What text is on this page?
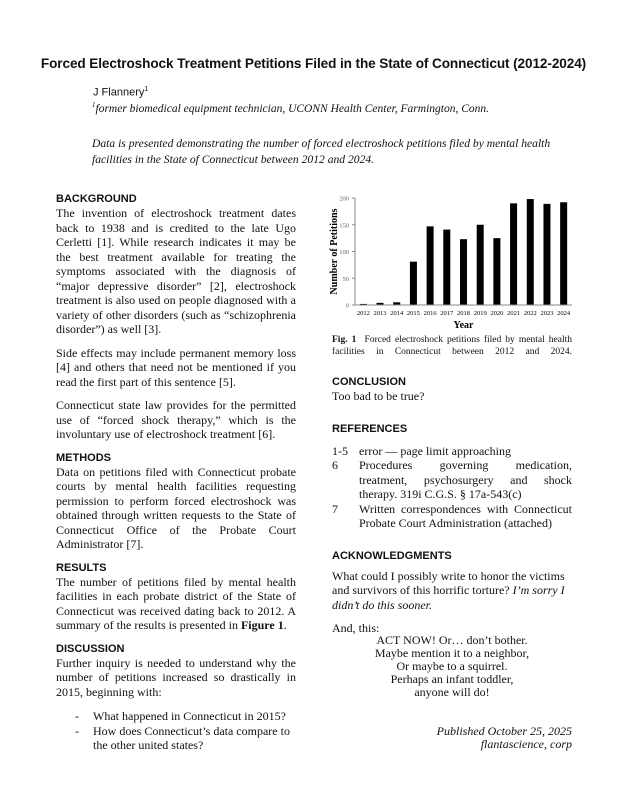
Forced Electroshock Treatment Petitions Filed in the State of Connecticut (2012-2024)
J Flannery$^1$
$^1$former biomedical equipment technician, UCONN Health Center, Farmington, Conn.
Data is presented demonstrating the number of forced electroshock petitions filed by mental health facilities in the State of Connecticut between 2012 and 2024.
BACKGROUND

The invention of electroshock treatment dates back to 1938 and is credited to the late Ugo Cerletti [1]. While research indicates it may be the best treatment available for treating the symptoms associated with the diagnosis of “major depressive disorder” [2], electroshock treatment is also used on people diagnosed with a variety of other disorders (such as “schizophrenia disorder”) as well [3].

Side effects may include permanent memory loss [4] and others that need not be mentioned if you read the first part of this sentence [5].

Connecticut state law provides for the permitted use of “forced shock therapy,” which is the involuntary use of electroshock treatment [6].

METHODS

Data on petitions filed with Connecticut probate courts by mental health facilities requesting permission to perform forced electroshock was obtained through written requests to the State of Connecticut Office of the Probate Court Administrator [7].

RESULTS

The number of petitions filed by mental health facilities in each probate district of the State of Connecticut was received dating back to 2012. A summary of the results is presented in Figure 1.

DISCUSSION

Further inquiry is needed to understand why the number of petitions increased so drastically in 2015, beginning with:

- What happened in Connecticut in 2015?
- How does Connecticut’s data compare to the other united states?
0
50
100
150
200
2012 2013 2014 2015 2016 2017 2018 2019 2020 2021 2022 2023 2024
Number of Petitions
Year
Fig. 1 Forced electroshock petitions filed by mental health facilities in Connecticut between 2012 and 2024.
CONCLUSION

Too bad to be true?

REFERENCES
1-5 error — page limit approaching
6	Procedures governing medication, treatment, psychosurgery and shock therapy. 319i C.G.S. § 17a-543(c)
7	Written correspondences with Connecticut Probate Court Administration (attached)
ACKNOWLEDGMENTS

What could I possibly write to honor the victims and survivors of this horrific torture? I’m sorry I didn’t do this sooner.

And, this:

ACT NOW! Or… don’t bother.
Maybe mention it to a neighbor,
Or maybe to a squirrel.
Perhaps an infant toddler,
anyone will do!
Published October 25, 2025
flantascience, corp
